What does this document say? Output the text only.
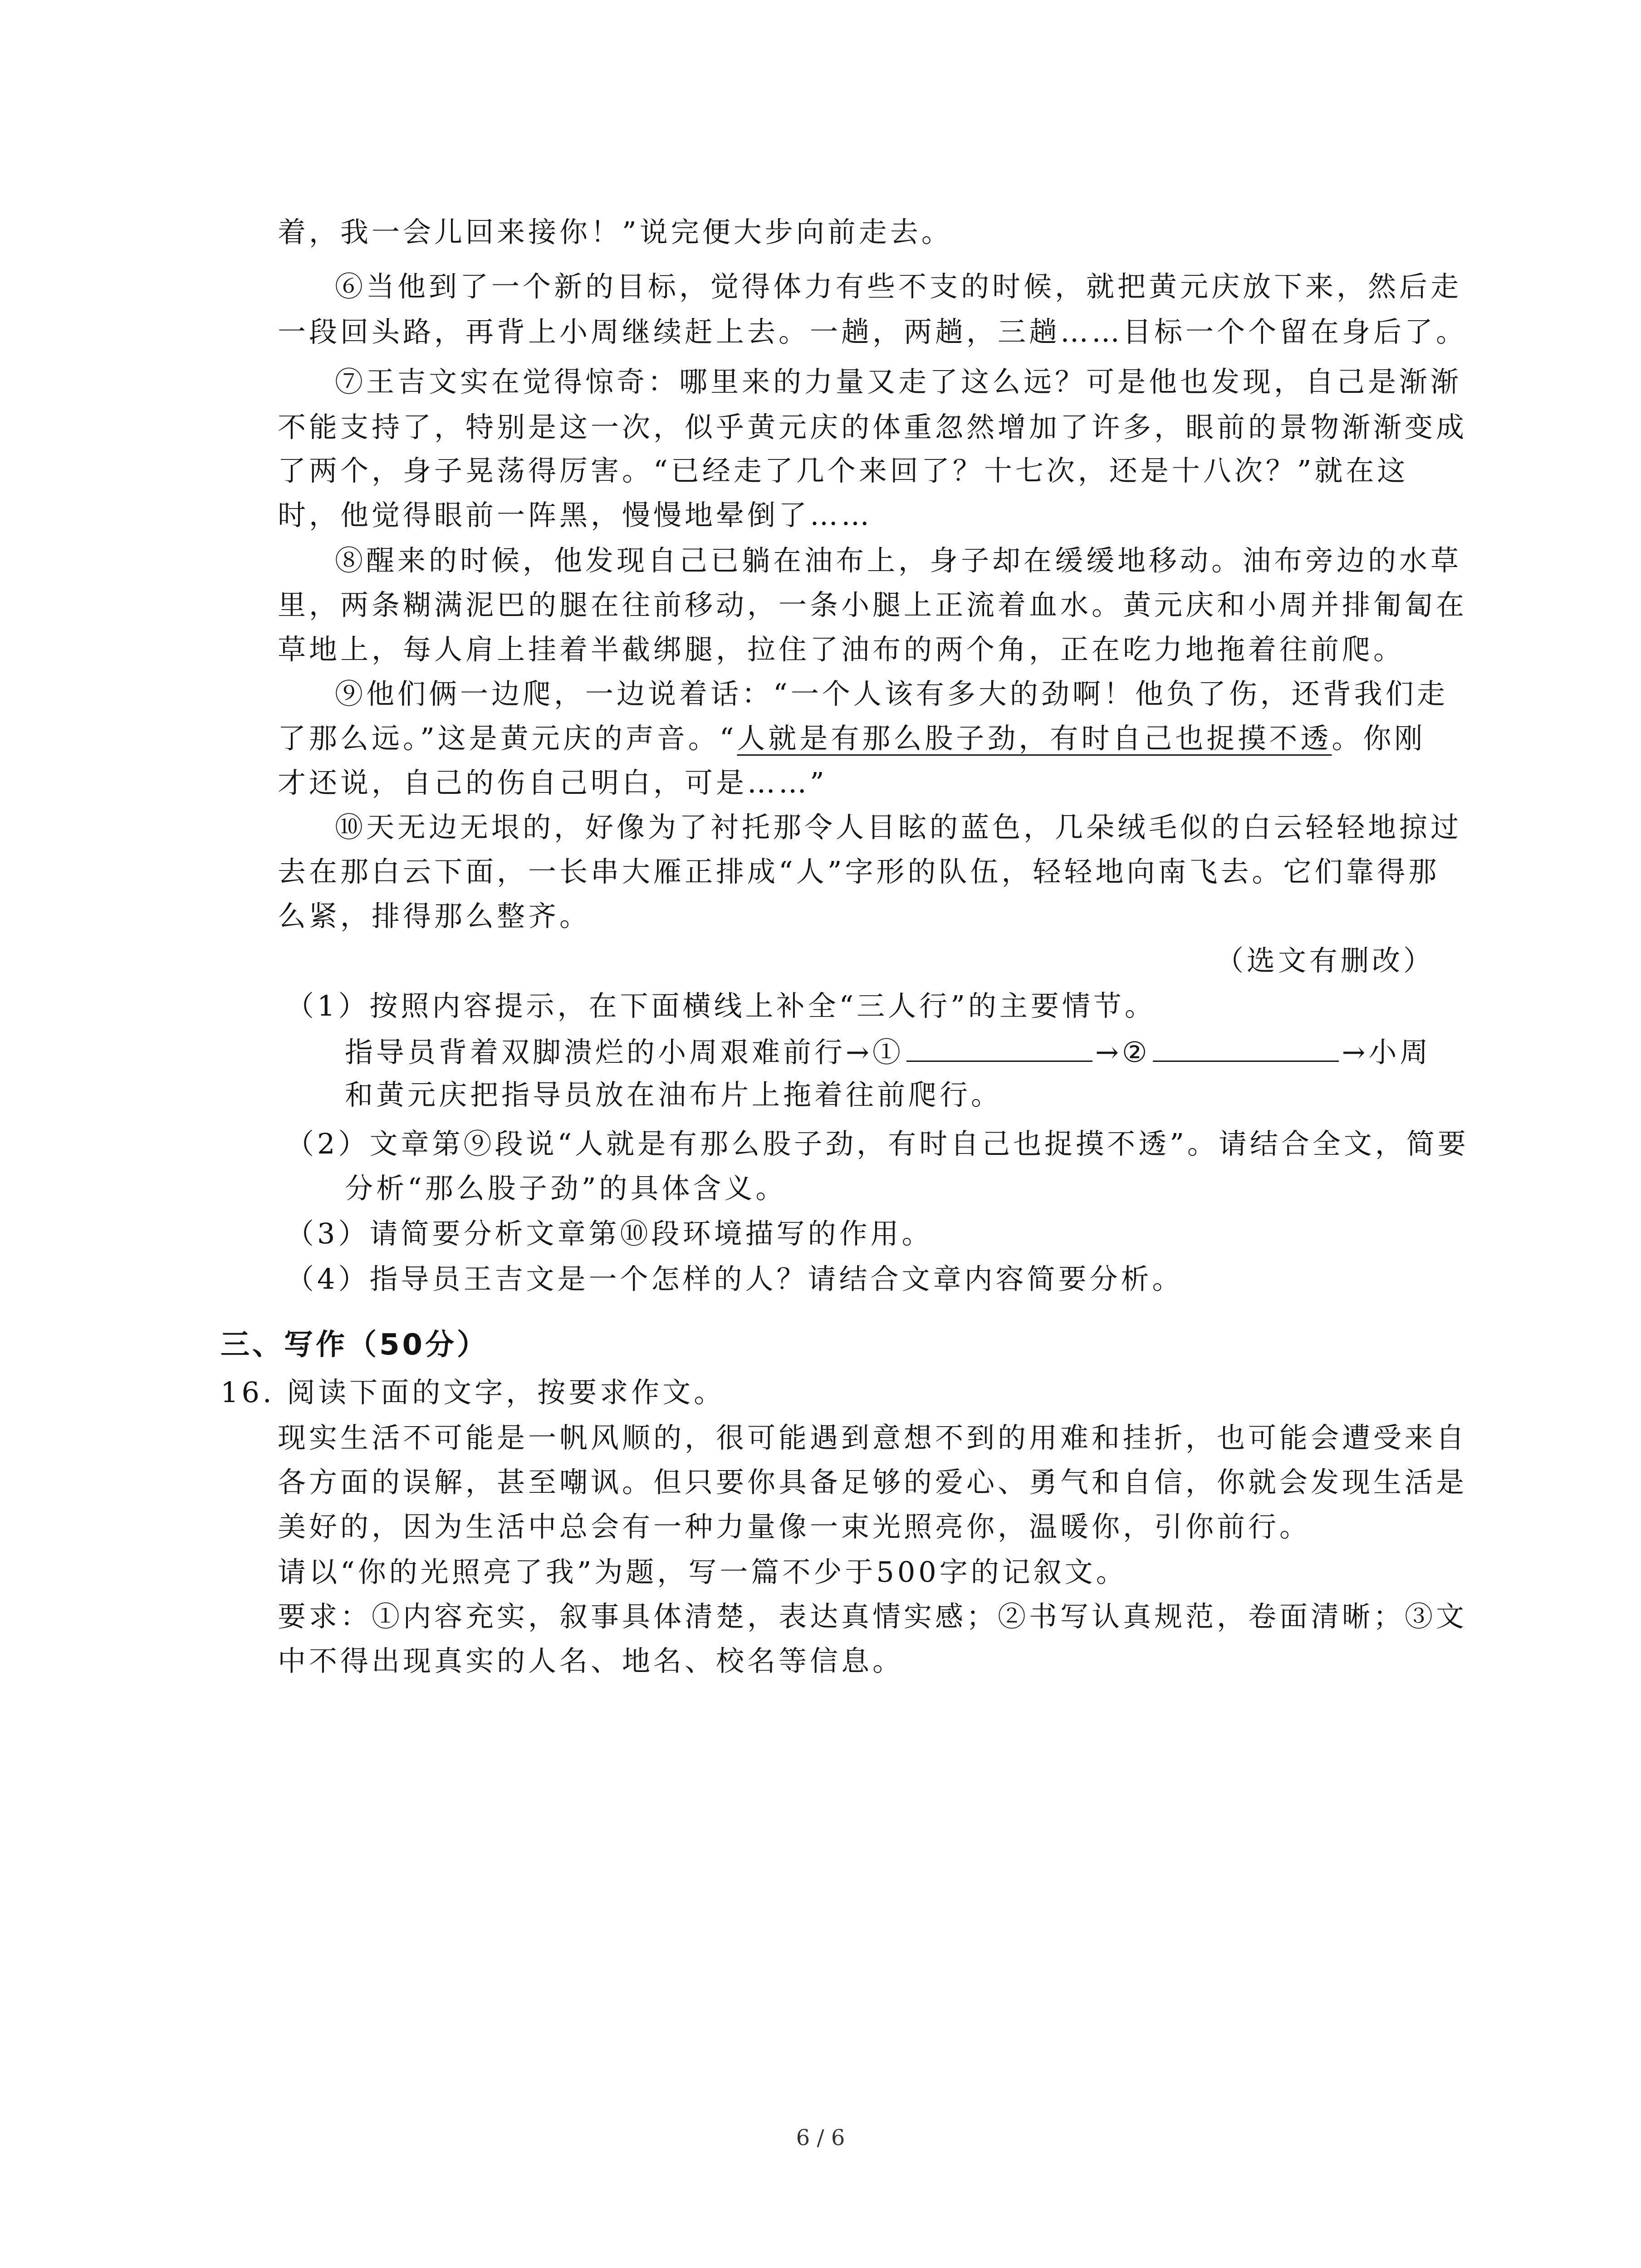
着，我一会儿回来接你！”说完便大步向前走去。
⑥当他到了一个新的目标，觉得体力有些不支的时候，就把黄元庆放下来，然后走
一段回头路，再背上小周继续赶上去。一趟，两趟，三趟……目标一个个留在身后了。
⑦王吉文实在觉得惊奇：哪里来的力量又走了这么远？可是他也发现，自己是渐渐
不能支持了，特别是这一次，似乎黄元庆的体重忽然增加了许多，眼前的景物渐渐变成
了两个，身子晃荡得厉害。“已经走了几个来回了？十七次，还是十八次？”就在这
时，他觉得眼前一阵黑，慢慢地晕倒了……
⑧醒来的时候，他发现自己已躺在油布上，身子却在缓缓地移动。油布旁边的水草
里，两条糊满泥巴的腿在往前移动，一条小腿上正流着血水。黄元庆和小周并排匍匐在
草地上，每人肩上挂着半截绑腿，拉住了油布的两个角，正在吃力地拖着往前爬。
⑨他们俩一边爬，一边说着话：“一个人该有多大的劲啊！他负了伤，还背我们走
了那么远。”这是黄元庆的声音。“人就是有那么股子劲，有时自己也捉摸不透。你刚
才还说，自己的伤自己明白，可是……”
⑩天无边无垠的，好像为了衬托那令人目眩的蓝色，几朵绒毛似的白云轻轻地掠过
去在那白云下面，一长串大雁正排成“人”字形的队伍，轻轻地向南飞去。它们靠得那
么紧，排得那么整齐。
（选文有删改）
（1）按照内容提示，在下面横线上补全“三人行”的主要情节。
指导员背着双脚溃烂的小周艰难前行→①	→②	→小周
和黄元庆把指导员放在油布片上拖着往前爬行。
（2）文章第⑨段说“人就是有那么股子劲，有时自己也捉摸不透”。请结合全文，简要
分析“那么股子劲”的具体含义。
（3）请简要分析文章第⑩段环境描写的作用。
（4）指导员王吉文是一个怎样的人？请结合文章内容简要分析。
三、写作（50分）
16. 阅读下面的文字，按要求作文。
现实生活不可能是一帆风顺的，很可能遇到意想不到的用难和挂折，也可能会遭受来自
各方面的误解，甚至嘲讽。但只要你具备足够的爱心、勇气和自信，你就会发现生活是
美好的，因为生活中总会有一种力量像一束光照亮你，温暖你，引你前行。
请以“你的光照亮了我”为题，写一篇不少于500字的记叙文。
要求：①内容充实，叙事具体清楚，表达真情实感；②书写认真规范，卷面清晰；③文
中不得出现真实的人名、地名、校名等信息。
6 / 6
